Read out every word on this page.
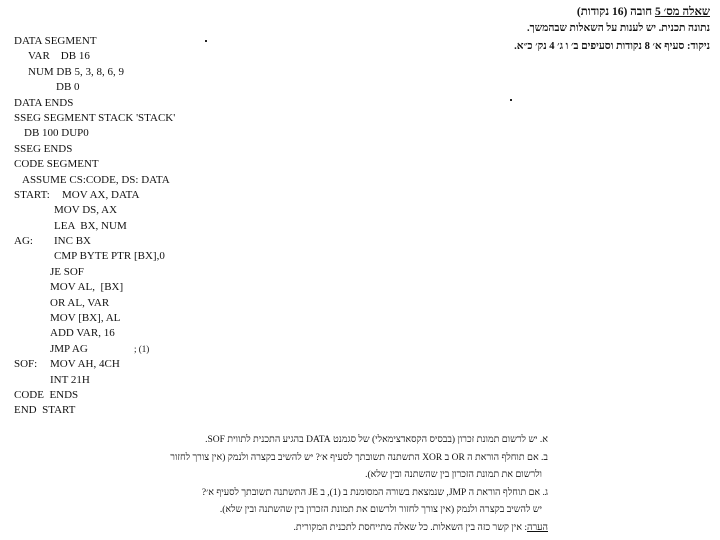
שאלה מס׳ 5 חובה (16 נקודות)
נתונה תכנית. יש לענות על השאלות שבהמשך.
ניקוד: סעיף א׳ 8 נקודות וסעיפים ב׳ ו ג׳ 4 נק׳ כ״א.
DATA SEGMENT
VAR    DB 16
NUM DB 5, 3, 8, 6, 9
DB 0
DATA ENDS
SSEG SEGMENT STACK 'STACK'
DB 100 DUP0
SSEG ENDS
CODE SEGMENT
ASSUME CS:CODE, DS: DATA
START: MOV AX, DATA
MOV DS, AX
LEA  BX, NUM
AG: INC BX
CMP BYTE PTR [BX],0
JE SOF
MOV AL,  [BX]
OR AL, VAR
MOV [BX], AL
ADD VAR, 16
JMP AG	; (1)
SOF: MOV AH, 4CH
INT 21H
CODE  ENDS
END  START
א. יש לרשום תמונת זכרון (בבסיס הקסאדצימאלי) של סגמנט DATA בהגיע התכנית לתווית SOF.
ב. אם תוחלף הוראת ה OR ב XOR התשתנה תשובתך לסעיף א׳? יש להשיב בקצרה ולנמק (אין צורך לחזור
ולרשום את תמונת הזכרון בין שהשתנה ובין שלא).
ג. אם תוחלף הוראת ה JMP, שנמצאת בשורה המסומנת ב (1), ב JE התשתנה תשובתך לסעיף א׳?
יש להשיב בקצרה ולנמק (אין צורך לחזור ולרשום את תמונת הזכרון בין שהשתנה ובין שלא).
הערה: אין קשר כזה בין השאלות. כל שאלה מתייחסת לתכנית המקורית.
